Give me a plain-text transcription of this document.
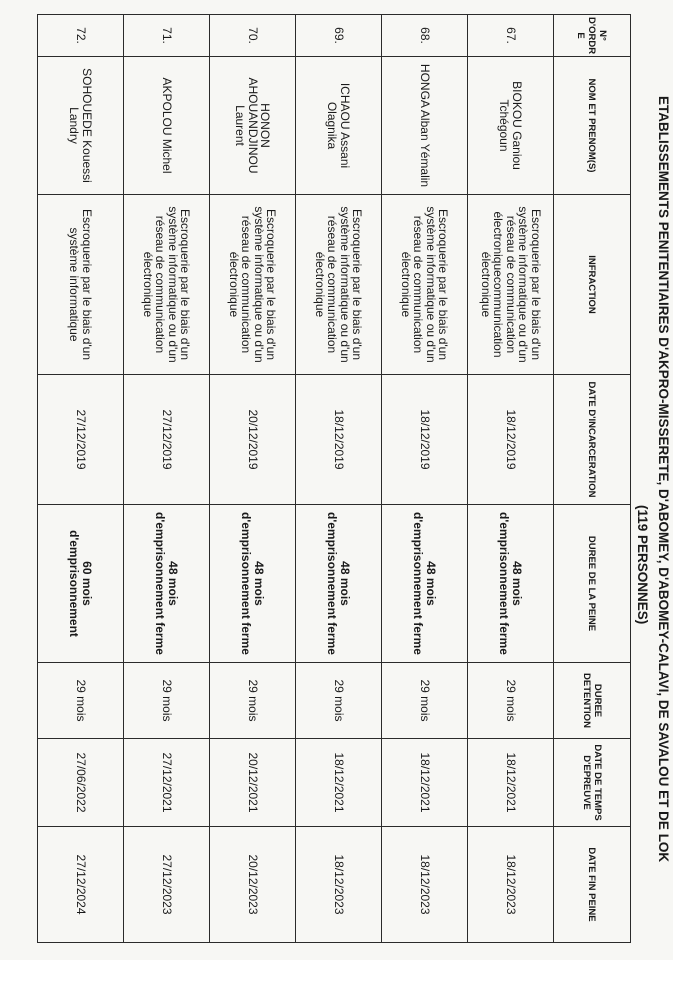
ETABLISSEMENTS PENITENTIAIRES D'AKPRO-MISSERETE, D'ABOMEY, D'ABOMEY-CALAVI, DE SAVALOU ET DE LOK
(119 PERSONNES)
N° D'ORDR E	NOM ET PRENOM(S)	INFRACTION	DATE D'INCARCERATION	DUREE DE LA PEINE	DUREE DETENTION	DATE DE TEMPS D'EPREUVE	DATE FIN PEINE
67.	BIOKOU Ganiou Tchégoun	Escroquerie par le biais d'un système informatique ou d'un réseau de communication électroniquecommunication électronique	18/12/2019	48 mois d'emprisonnement ferme	29 mois	18/12/2021	18/12/2023
68.	HONGA Alban Yémalin	Escroquerie par le biais d'un système informatique ou d'un réseau de communication électronique	18/12/2019	48 mois d'emprisonnement ferme	29 mois	18/12/2021	18/12/2023
69.	ICHAOU Assani Olagnika	Escroquerie par le biais d'un système informatique ou d'un réseau de communication électronique	18/12/2019	48 mois d'emprisonnement ferme	29 mois	18/12/2021	18/12/2023
70.	HONON AHOUANDJINOU Laurent	Escroquerie par le biais d'un système informatique ou d'un réseau de communication électronique	20/12/2019	48 mois d'emprisonnement ferme	29 mois	20/12/2021	20/12/2023
71.	AKPOLOU Michel	Escroquerie par le biais d'un système informatique ou d'un réseau de communication électronique	27/12/2019	48 mois d'emprisonnement ferme	29 mois	27/12/2021	27/12/2023
72.	SOHOUEDE Kouessi Landry	Escroquerie par le biais d'un système informatique	27/12/2019	60 mois d'emprisonnement	29 mois	27/06/2022	27/12/2024
